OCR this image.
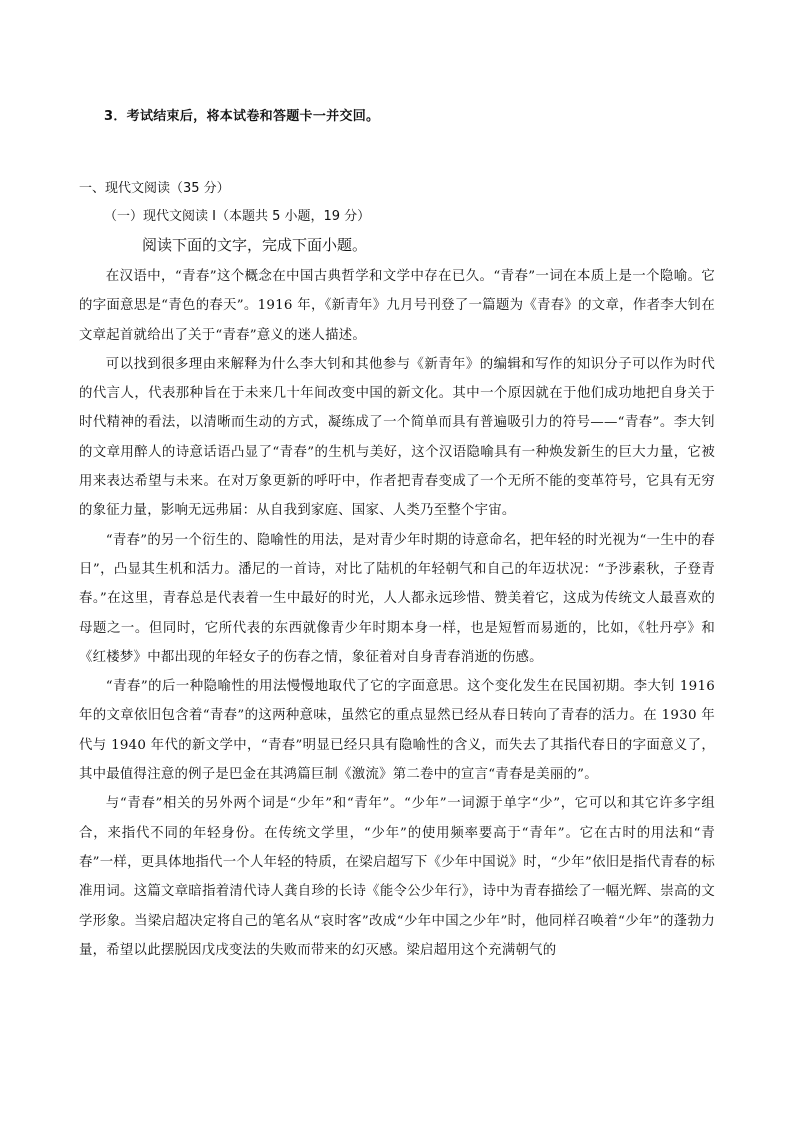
3．考试结束后，将本试卷和答题卡一并交回。
一、现代文阅读（35 分）
（一）现代文阅读 I（本题共 5 小题，19 分）
阅读下面的文字，完成下面小题。

在汉语中，“青春”这个概念在中国古典哲学和文学中存在已久。“青春”一词在本质上是一个隐喻。它的字面意思是“青色的春天”。1916 年，《新青年》九月号刊登了一篇题为《青春》的文章，作者李大钊在文章起首就给出了关于“青春”意义的迷人描述。

可以找到很多理由来解释为什么李大钊和其他参与《新青年》的编辑和写作的知识分子可以作为时代的代言人，代表那种旨在于未来几十年间改变中国的新文化。其中一个原因就在于他们成功地把自身关于时代精神的看法，以清晰而生动的方式，凝练成了一个简单而具有普遍吸引力的符号——“青春”。李大钊的文章用醉人的诗意话语凸显了“青春”的生机与美好，这个汉语隐喻具有一种焕发新生的巨大力量，它被用来表达希望与未来。在对万象更新的呼吁中，作者把青春变成了一个无所不能的变革符号，它具有无穷的象征力量，影响无远弗届：从自我到家庭、国家、人类乃至整个宇宙。

“青春”的另一个衍生的、隐喻性的用法，是对青少年时期的诗意命名，把年轻的时光视为“一生中的春日”，凸显其生机和活力。潘尼的一首诗，对比了陆机的年轻朝气和自己的年迈状况：“予涉素秋，子登青春。”在这里，青春总是代表着一生中最好的时光，人人都永远珍惜、赞美着它，这成为传统文人最喜欢的母题之一。但同时，它所代表的东西就像青少年时期本身一样，也是短暂而易逝的，比如，《牡丹亭》和《红楼梦》中都出现的年轻女子的伤春之情，象征着对自身青春消逝的伤感。

“青春”的后一种隐喻性的用法慢慢地取代了它的字面意思。这个变化发生在民国初期。李大钊 1916 年的文章依旧包含着“青春”的这两种意味，虽然它的重点显然已经从春日转向了青春的活力。在 1930 年代与 1940 年代的新文学中，“青春”明显已经只具有隐喻性的含义，而失去了其指代春日的字面意义了，其中最值得注意的例子是巴金在其鸿篇巨制《激流》第二卷中的宣言“青春是美丽的”。

与“青春”相关的另外两个词是“少年”和“青年”。“少年”一词源于单字“少”，它可以和其它许多字组合，来指代不同的年轻身份。在传统文学里，“少年”的使用频率要高于“青年”。它在古时的用法和“青春”一样，更具体地指代一个人年轻的特质，在梁启超写下《少年中国说》时，“少年”依旧是指代青春的标准用词。这篇文章暗指着清代诗人龚自珍的长诗《能令公少年行》，诗中为青春描绘了一幅光辉、崇高的文学形象。当梁启超决定将自己的笔名从“哀时客”改成“少年中国之少年”时，他同样召唤着“少年”的蓬勃力量，希望以此摆脱因戊戌变法的失败而带来的幻灭感。梁启超用这个充满朝气的
